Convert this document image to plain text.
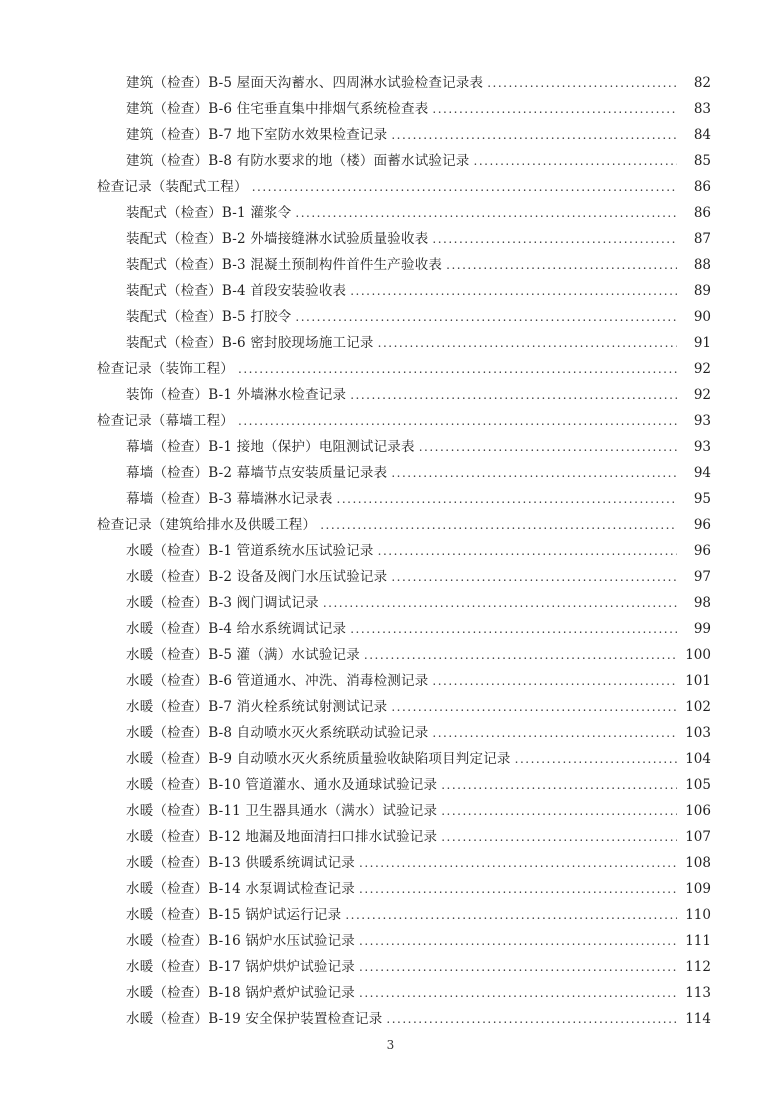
建筑（检查）B-5 屋面天沟蓄水、四周淋水试验检查记录表 .....	82
建筑（检查）B-6 住宅垂直集中排烟气系统检查表 .....	83
建筑（检查）B-7 地下室防水效果检查记录 .....	84
建筑（检查）B-8 有防水要求的地（楼）面蓄水试验记录 .....	85
检查记录（装配式工程） .....	86
装配式（检查）B-1 灌浆令 .....	86
装配式（检查）B-2 外墙接缝淋水试验质量验收表 .....	87
装配式（检查）B-3 混凝土预制构件首件生产验收表 .....	88
装配式（检查）B-4 首段安装验收表 .....	89
装配式（检查）B-5 打胶令 .....	90
装配式（检查）B-6 密封胶现场施工记录 .....	91
检查记录（装饰工程） .....	92
装饰（检查）B-1 外墙淋水检查记录 .....	92
检查记录（幕墙工程） .....	93
幕墙（检查）B-1 接地（保护）电阻测试记录表 .....	93
幕墙（检查）B-2 幕墙节点安装质量记录表 .....	94
幕墙（检查）B-3 幕墙淋水记录表 .....	95
检查记录（建筑给排水及供暖工程） .....	96
水暖（检查）B-1 管道系统水压试验记录 .....	96
水暖（检查）B-2 设备及阀门水压试验记录 .....	97
水暖（检查）B-3 阀门调试记录 .....	98
水暖（检查）B-4 给水系统调试记录 .....	99
水暖（检查）B-5 灌（满）水试验记录 .....	100
水暖（检查）B-6 管道通水、冲洗、消毒检测记录 .....	101
水暖（检查）B-7 消火栓系统试射测试记录 .....	102
水暖（检查）B-8 自动喷水灭火系统联动试验记录 .....	103
水暖（检查）B-9 自动喷水灭火系统质量验收缺陷项目判定记录 .....	104
水暖（检查）B-10 管道灌水、通水及通球试验记录 .....	105
水暖（检查）B-11 卫生器具通水（满水）试验记录 .....	106
水暖（检查）B-12 地漏及地面清扫口排水试验记录 .....	107
水暖（检查）B-13 供暖系统调试记录 .....	108
水暖（检查）B-14 水泵调试检查记录 .....	109
水暖（检查）B-15 锅炉试运行记录 .....	110
水暖（检查）B-16 锅炉水压试验记录 .....	111
水暖（检查）B-17 锅炉烘炉试验记录 .....	112
水暖（检查）B-18 锅炉煮炉试验记录 .....	113
水暖（检查）B-19 安全保护装置检查记录 .....	114
3
